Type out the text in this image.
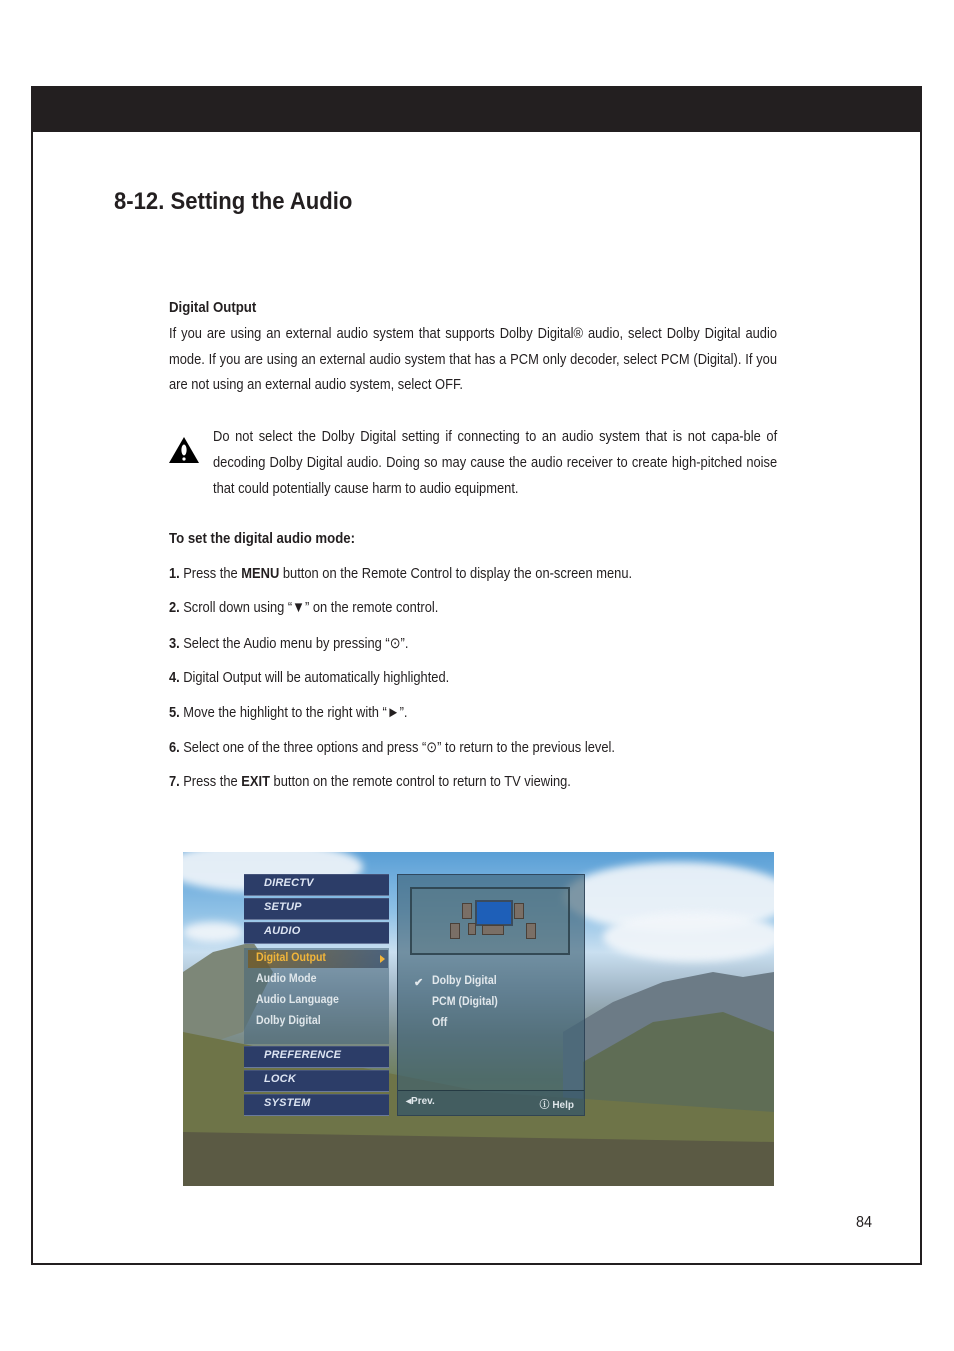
8-12. Setting the Audio
Digital Output
If you are using an external audio system that supports Dolby Digital® audio, select Dolby Digital audio mode. If you are using an external audio system that has a PCM only decoder, select PCM (Digital). If you are not using an external audio system, select OFF.
Do not select the Dolby Digital setting if connecting to an audio system that is not capa-ble of decoding Dolby Digital audio. Doing so may cause the audio receiver to create high-pitched noise that could potentially cause harm to audio equipment.
To set the digital audio mode:
1. Press the MENU button on the Remote Control to display the on-screen menu.
2. Scroll down using “▼” on the remote control.
3. Select the Audio menu by pressing “⊙”.
4. Digital Output will be automatically highlighted.
5. Move the highlight to the right with “►”.
6. Select one of the three options and press “⊙” to return to the previous level.
7. Press the EXIT button on the remote control to return to TV viewing.
DIRECTV
SETUP
AUDIO
Digital Output
Audio Mode
Audio Language
Dolby Digital
PREFERENCE
LOCK
SYSTEM
✔ Dolby Digital
PCM (Digital)
Off
◂Prev.	ⓘ Help
84
